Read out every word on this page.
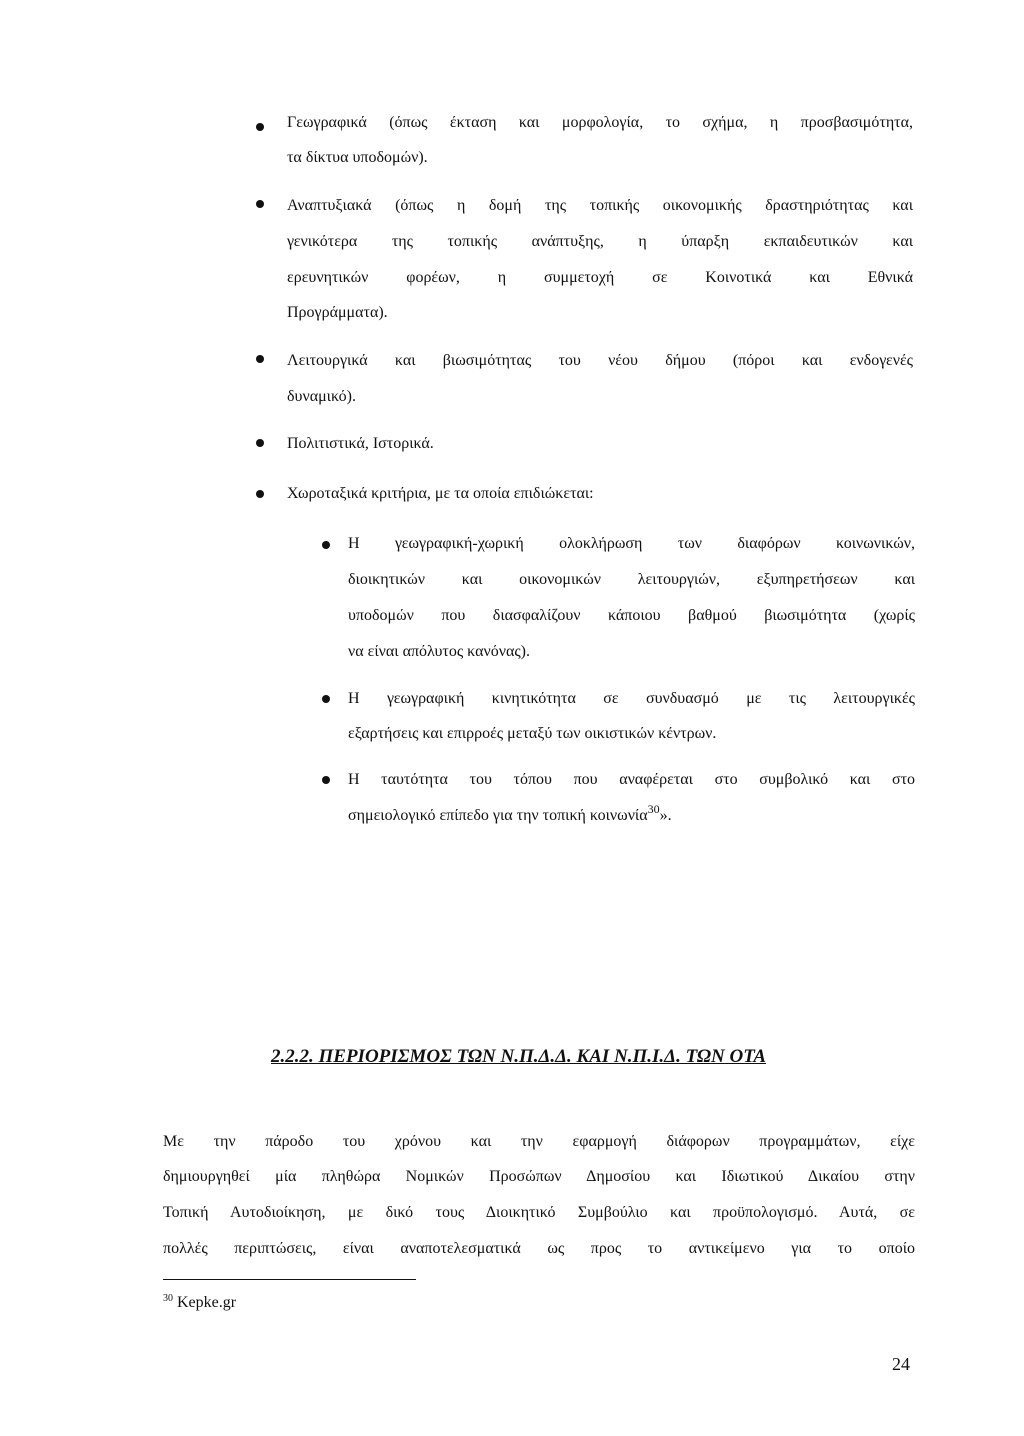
Γεωγραφικά (όπως έκταση και μορφολογία, το σχήμα, η προσβασιμότητα,
τα δίκτυα υποδομών).
Αναπτυξιακά (όπως η δομή της τοπικής οικονομικής δραστηριότητας και
γενικότερα της τοπικής ανάπτυξης, η ύπαρξη εκπαιδευτικών και
ερευνητικών φορέων, η συμμετοχή σε Κοινοτικά και Εθνικά
Προγράμματα).
Λειτουργικά και βιωσιμότητας του νέου δήμου (πόροι και ενδογενές
δυναμικό).
Πολιτιστικά, Ιστορικά.
Χωροταξικά κριτήρια, με τα οποία επιδιώκεται:
Η γεωγραφική-χωρική ολοκλήρωση των διαφόρων κοινωνικών,
διοικητικών και οικονομικών λειτουργιών, εξυπηρετήσεων και
υποδομών που διασφαλίζουν κάποιου βαθμού βιωσιμότητα (χωρίς
να είναι απόλυτος κανόνας).
Η γεωγραφική κινητικότητα σε συνδυασμό με τις λειτουργικές
εξαρτήσεις και επιρροές μεταξύ των οικιστικών κέντρων.
Η ταυτότητα του τόπου που αναφέρεται στο συμβολικό και στο
σημειολογικό επίπεδο για την τοπική κοινωνία$^{30}$».
2.2.2. ΠΕΡΙΟΡΙΣΜΟΣ ΤΩΝ Ν.Π.Δ.Δ. ΚΑΙ Ν.Π.Ι.Δ. ΤΩΝ ΟΤΑ
Με την πάροδο του χρόνου και την εφαρμογή διάφορων προγραμμάτων, είχε
δημιουργηθεί μία πληθώρα Νομικών Προσώπων Δημοσίου και Ιδιωτικού Δικαίου στην
Τοπική Αυτοδιοίκηση, με δικό τους Διοικητικό Συμβούλιο και προϋπολογισμό. Αυτά, σε
πολλές περιπτώσεις, είναι αναποτελεσματικά ως προς το αντικείμενο για το οποίο
$^{30}$ Kepke.gr
24
